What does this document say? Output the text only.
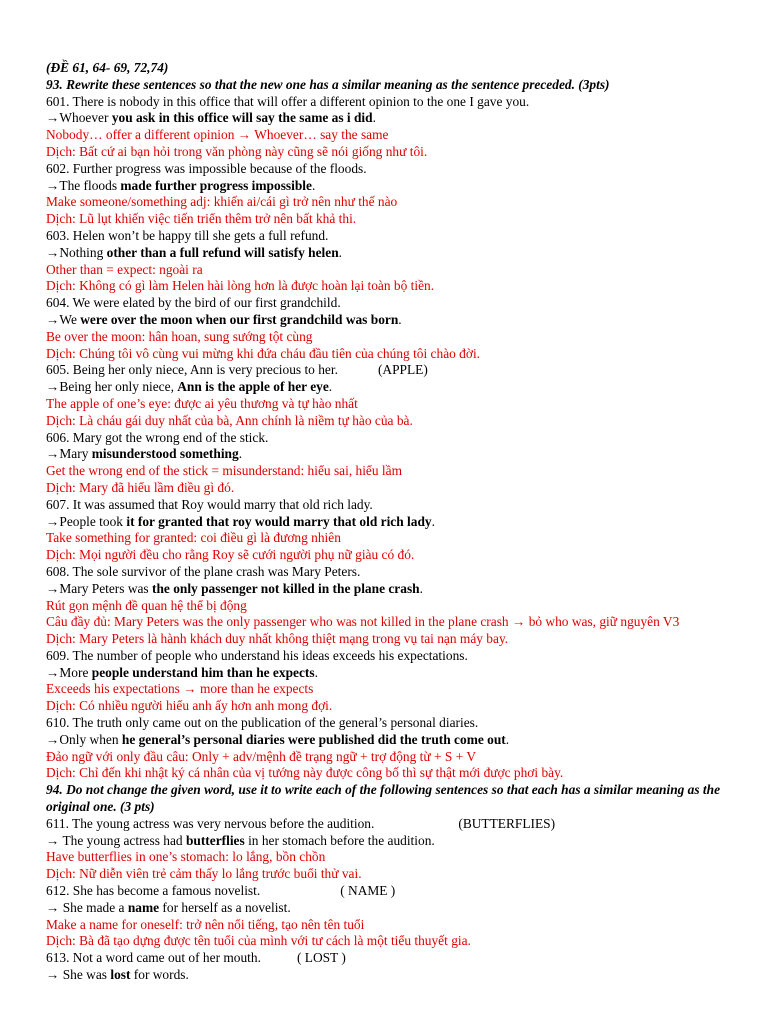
(ĐỀ 61, 64- 69, 72,74)
93. Rewrite these sentences so that the new one has a similar meaning as the sentence preceded. (3pts)
601. There is nobody in this office that will offer a different opinion to the one I gave you.
→Whoever you ask in this office will say the same as i did.
Nobody… offer a different opinion → Whoever… say the same
Dịch: Bất cứ ai bạn hỏi trong văn phòng này cũng sẽ nói giống như tôi.
602. Further progress was impossible because of the floods.
→The floods made further progress impossible.
Make someone/something adj: khiến ai/cái gì trở nên như thế nào
Dịch: Lũ lụt khiến việc tiến triển thêm trở nên bất khả thi.
603. Helen won’t be happy till she gets a full refund.
→Nothing other than a full refund will satisfy helen.
Other than = expect: ngoài ra
Dịch: Không có gì làm Helen hài lòng hơn là được hoàn lại toàn bộ tiền.
604. We were elated by the bird of our first grandchild.
→We were over the moon when our first grandchild was born.
Be over the moon: hân hoan, sung sướng tột cùng
Dịch: Chúng tôi vô cùng vui mừng khi đứa cháu đầu tiên của chúng tôi chào đời.
605. Being her only niece, Ann is very precious to her.	(APPLE)
→Being her only niece, Ann is the apple of her eye.
The apple of one’s eye: được ai yêu thương và tự hào nhất
Dịch: Là cháu gái duy nhất của bà, Ann chính là niềm tự hào của bà.
606. Mary got the wrong end of the stick.
→Mary misunderstood something.
Get the wrong end of the stick = misunderstand: hiểu sai, hiểu lầm
Dịch: Mary đã hiểu lầm điều gì đó.
607. It was assumed that Roy would marry that old rich lady.
→People took it for granted that roy would marry that old rich lady.
Take something for granted: coi điều gì là đương nhiên
Dịch: Mọi người đều cho rằng Roy sẽ cưới người phụ nữ giàu có đó.
608. The sole survivor of the plane crash was Mary Peters.
→Mary Peters was the only passenger not killed in the plane crash.
Rút gọn mệnh đề quan hệ thể bị động
Câu đầy đủ: Mary Peters was the only passenger who was not killed in the plane crash → bỏ who was, giữ nguyên V3
Dịch: Mary Peters là hành khách duy nhất không thiệt mạng trong vụ tai nạn máy bay.
609. The number of people who understand his ideas exceeds his expectations.
→More people understand him than he expects.
Exceeds his expectations → more than he expects
Dịch: Có nhiều người hiểu anh ấy hơn anh mong đợi.
610. The truth only came out on the publication of the general’s personal diaries.
→Only when he general’s personal diaries were published did the truth come out.
Đảo ngữ với only đầu câu: Only + adv/mệnh đề trạng ngữ + trợ động từ + S + V
Dịch: Chỉ đến khi nhật ký cá nhân của vị tướng này được công bố thì sự thật mới được phơi bày.
94. Do not change the given word, use it to write each of the following sentences so that each has a similar meaning as the original one. (3 pts)
611. The young actress was very nervous before the audition.	(BUTTERFLIES)
→ The young actress had butterflies in her stomach before the audition.
Have butterflies in one’s stomach: lo lắng, bồn chồn
Dịch: Nữ diễn viên trẻ cảm thấy lo lắng trước buổi thử vai.
612. She has become a famous novelist.	( NAME )
→ She made a name for herself as a novelist.
Make a name for oneself: trở nên nổi tiếng, tạo nên tên tuổi
Dịch: Bà đã tạo dựng được tên tuổi của mình với tư cách là một tiểu thuyết gia.
613. Not a word came out of her mouth.	( LOST )
→ She was lost for words.
